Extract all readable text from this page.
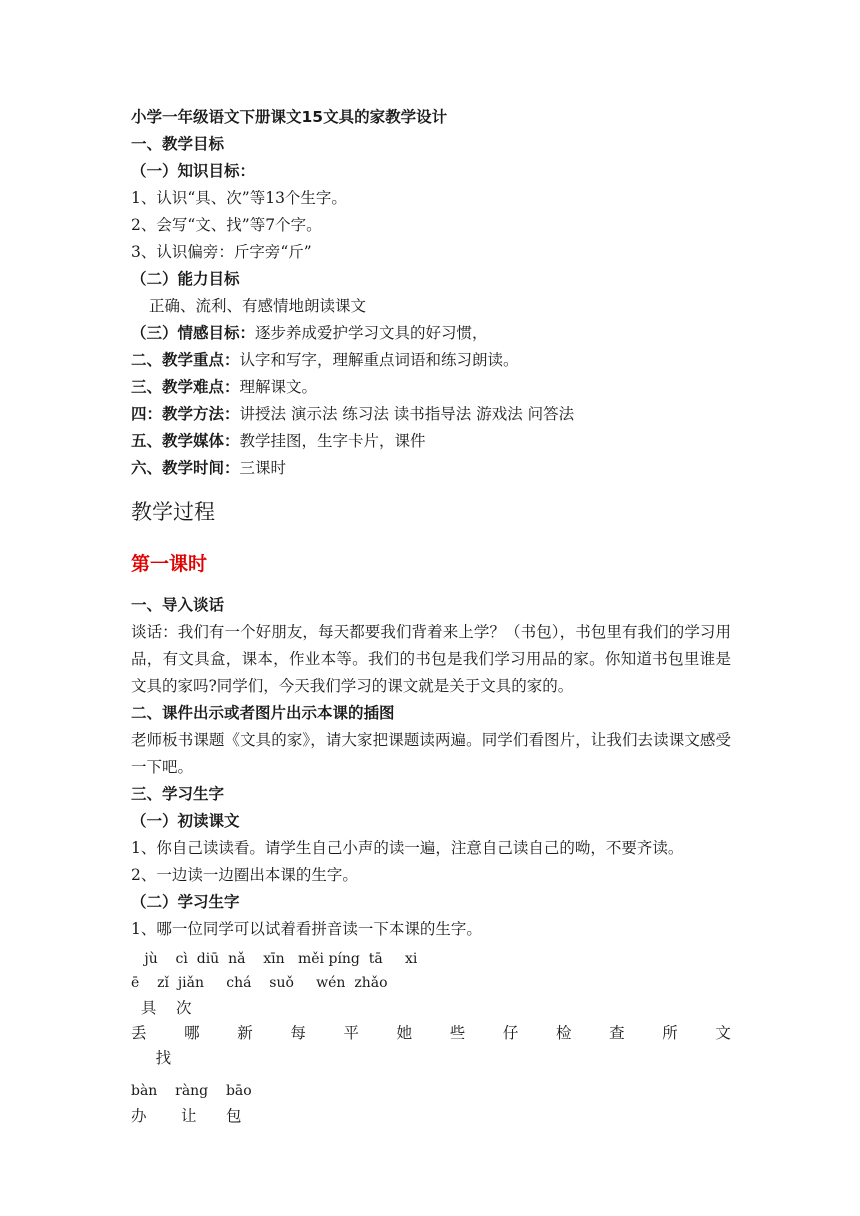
小学一年级语文下册课文15文具的家教学设计
一、教学目标
（一）知识目标：
1、认识“具、次”等13个生字。
2、会写“文、找”等7个字。
3、认识偏旁：斤字旁“斤”
（二）能力目标
正确、流利、有感情地朗读课文
（三）情感目标：逐步养成爱护学习文具的好习惯，
二、教学重点：认字和写字，理解重点词语和练习朗读。
三、教学难点：理解课文。
四：教学方法：讲授法 演示法 练习法 读书指导法 游戏法 问答法
五、教学媒体：教学挂图，生字卡片，课件
六、教学时间：三课时
教学过程
第一课时
一、导入谈话
谈话：我们有一个好朋友，每天都要我们背着来上学？（书包），书包里有我们的学习用品，有文具盒，课本，作业本等。我们的书包是我们学习用品的家。你知道书包里谁是文具的家吗?同学们，今天我们学习的课文就是关于文具的家的。
二、课件出示或者图片出示本课的插图
老师板书课题《文具的家》，请大家把课题读两遍。同学们看图片，让我们去读课文感受一下吧。
三、学习生字
（一）初读课文
1、你自己读读看。请学生自己小声的读一遍，注意自己读自己的呦，不要齐读。
2、一边读一边圈出本课的生字。
（二）学习生字
1、哪一位同学可以试着看拼音读一下本课的生字。
jù    cì  diū  nǎ    xīn   měi píng  tā     xi
ē    zǐ  jiǎn     chá    suǒ     wén  zhǎo
具    次
丢 哪 新 每 平 她 些 仔 检 查 所 文
找
bàn    ràng    bāo
办       让      包
